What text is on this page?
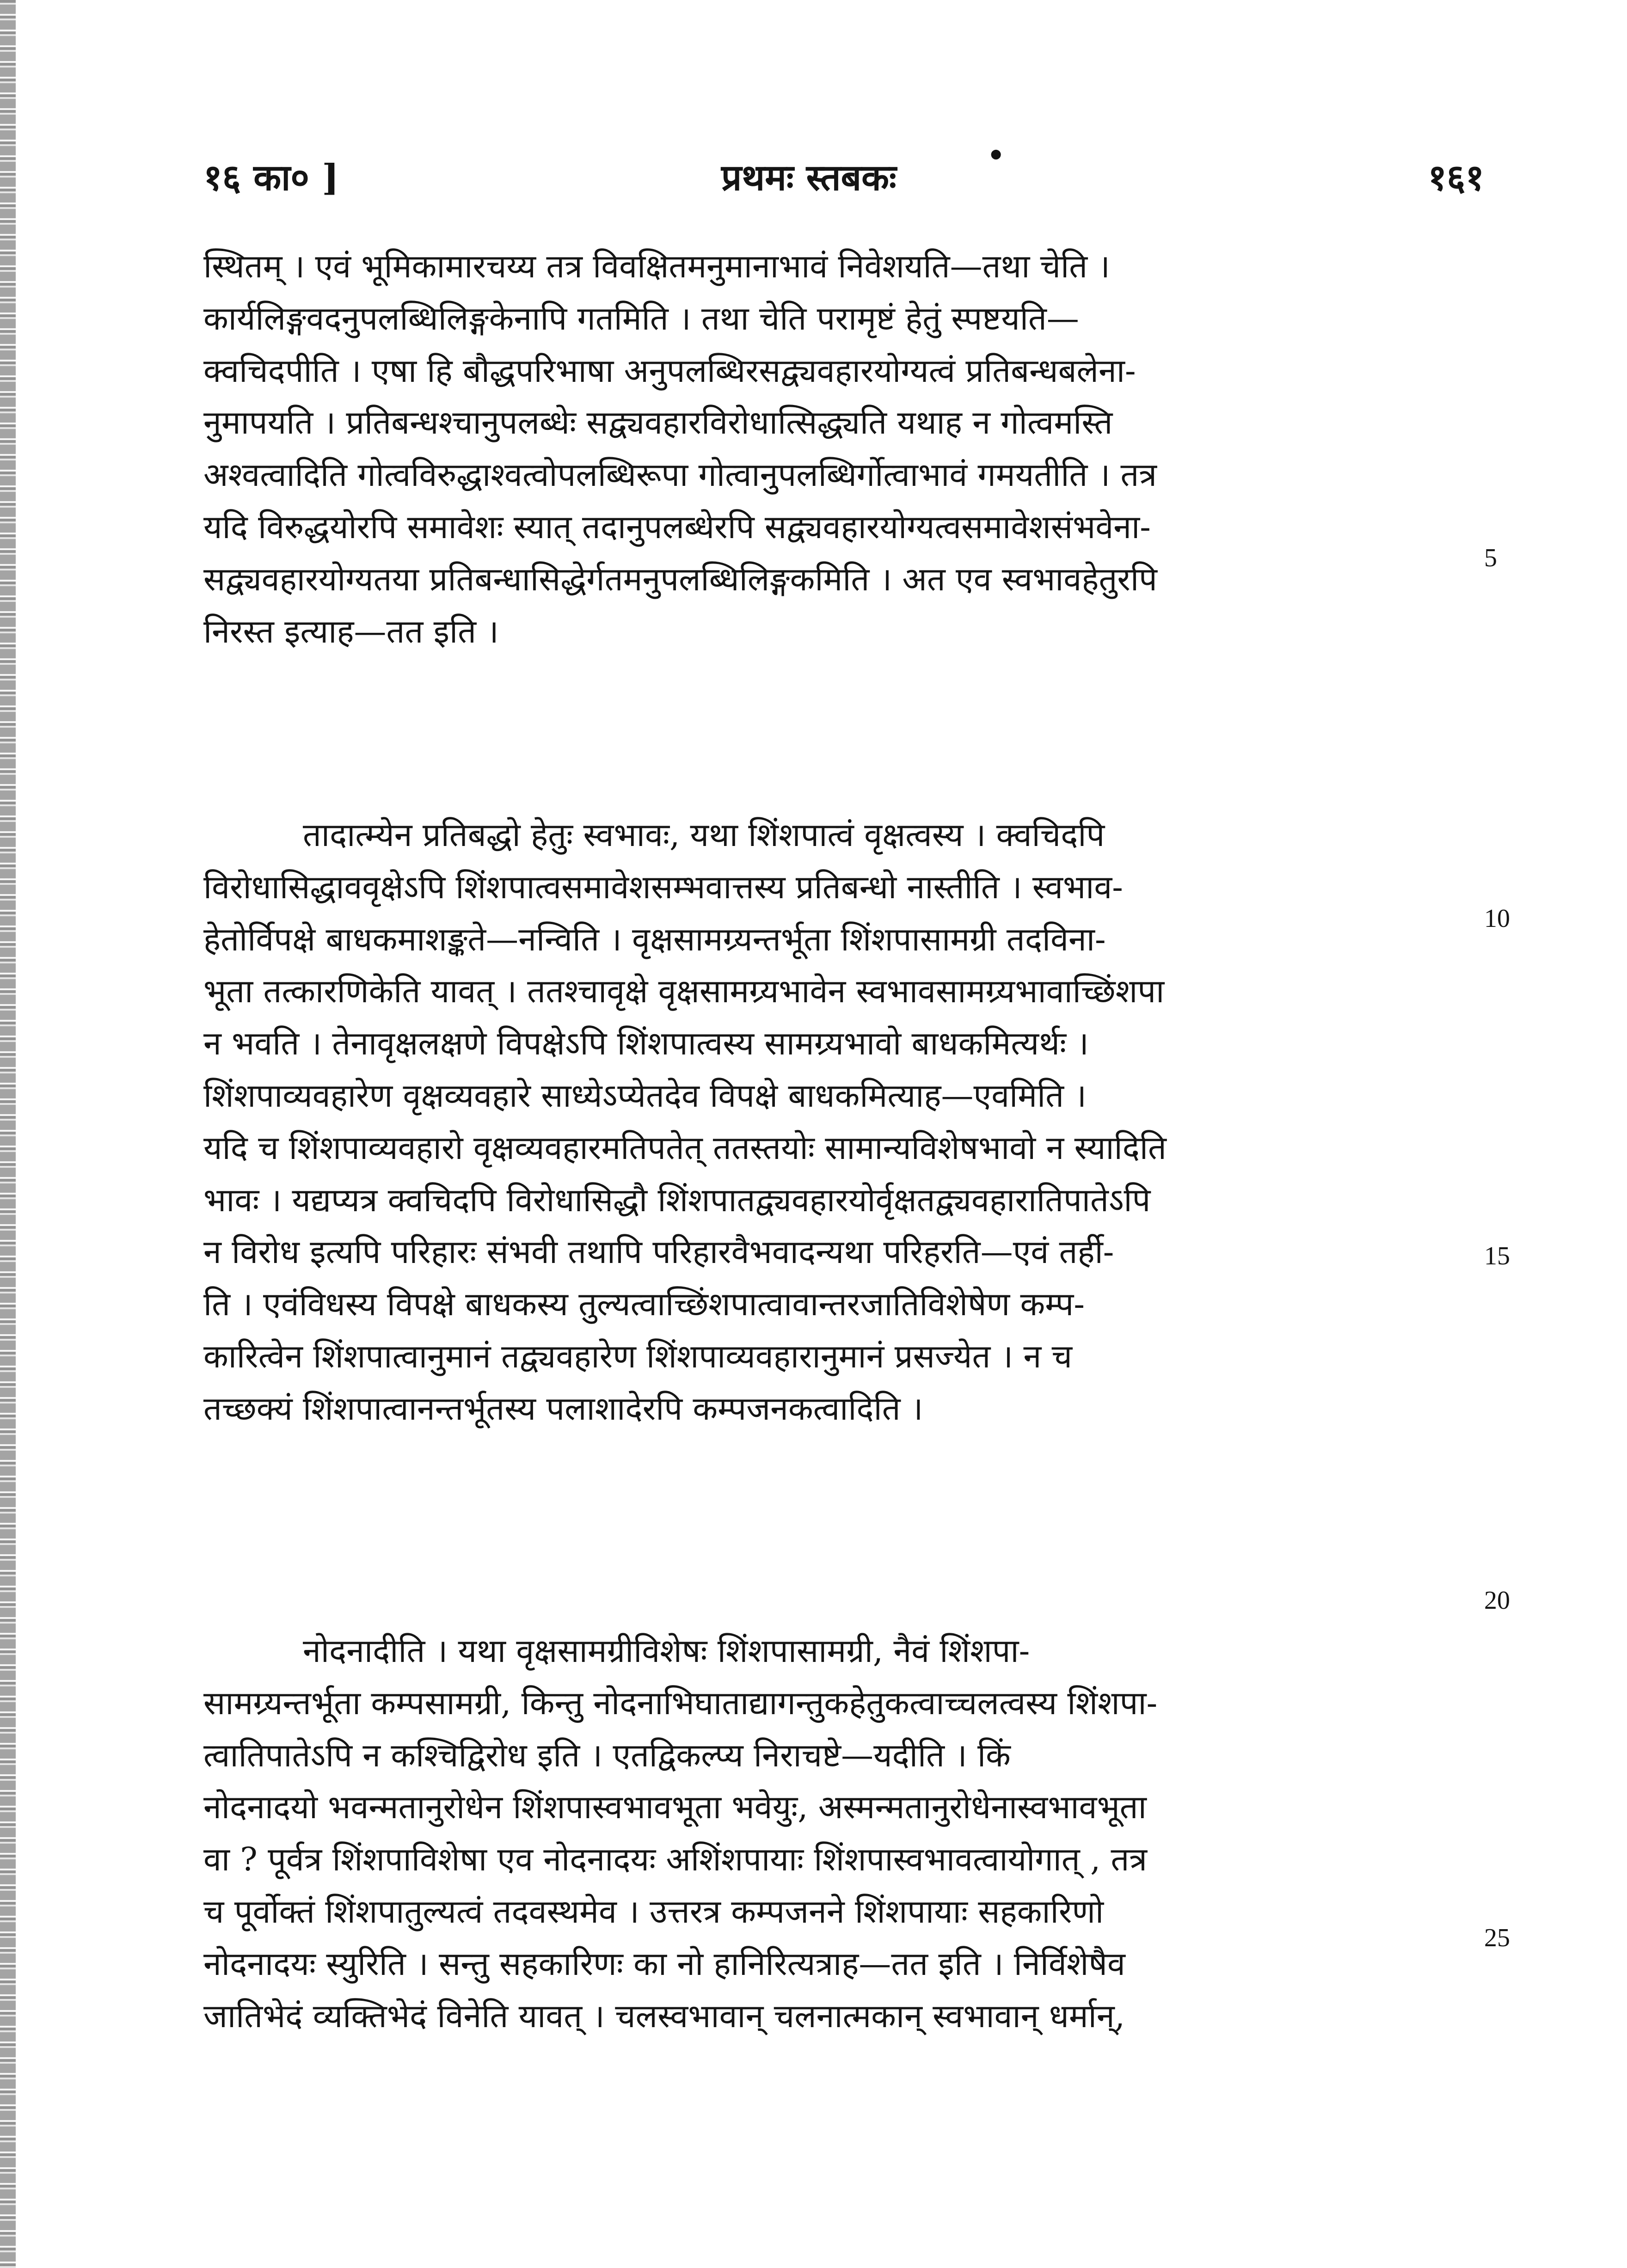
१६ का० ]	प्रथमः स्तबकः
•
१६१
स्थितम् । एवं भूमिकामारचय्य तत्र विवक्षितमनुमानाभावं निवेशयति—तथा चेति ।
कार्यलिङ्गवदनुपलब्धिलिङ्गकेनापि गतमिति । तथा चेति परामृष्टं हेतुं स्पष्टयति—
क्वचिदपीति । एषा हि बौद्धपरिभाषा अनुपलब्धिरसद्व्यवहारयोग्यत्वं प्रतिबन्धबलेना-
नुमापयति । प्रतिबन्धश्चानुपलब्धेः सद्व्यवहारविरोधात्सिद्ध्यति यथाह न गोत्वमस्ति
अश्वत्वादिति गोत्वविरुद्धाश्वत्वोपलब्धिरूपा गोत्वानुपलब्धिर्गोत्वाभावं गमयतीति । तत्र
यदि विरुद्धयोरपि समावेशः स्यात् तदानुपलब्धेरपि सद्व्यवहारयोग्यत्वसमावेशसंभवेना-
सद्व्यवहारयोग्यतया प्रतिबन्धासिद्धेर्गतमनुपलब्धिलिङ्गकमिति । अत एव स्वभावहेतुरपि
निरस्त इत्याह—तत इति ।
तादात्म्येन प्रतिबद्धो हेतुः स्वभावः, यथा शिंशपात्वं वृक्षत्वस्य । क्वचिदपि
विरोधासिद्धाववृक्षेऽपि शिंशपात्वसमावेशसम्भवात्तस्य प्रतिबन्धो नास्तीति । स्वभाव-
हेतोर्विपक्षे बाधकमाशङ्कते—नन्विति । वृक्षसामग्र्यन्तर्भूता शिंशपासामग्री तदविना-
भूता तत्कारणिकेति यावत् । ततश्चावृक्षे वृक्षसामग्र्यभावेन स्वभावसामग्र्यभावाच्छिंशपा
न भवति । तेनावृक्षलक्षणे विपक्षेऽपि शिंशपात्वस्य सामग्र्यभावो बाधकमित्यर्थः ।
शिंशपाव्यवहारेण वृक्षव्यवहारे साध्येऽप्येतदेव विपक्षे बाधकमित्याह—एवमिति ।
यदि च शिंशपाव्यवहारो वृक्षव्यवहारमतिपतेत् ततस्तयोः सामान्यविशेषभावो न स्यादिति
भावः । यद्यप्यत्र क्वचिदपि विरोधासिद्धौ शिंशपातद्व्यवहारयोर्वृक्षतद्व्यवहारातिपातेऽपि
न विरोध इत्यपि परिहारः संभवी तथापि परिहारवैभवादन्यथा परिहरति—एवं तर्ही-
ति । एवंविधस्य विपक्षे बाधकस्य तुल्यत्वाच्छिंशपात्वावान्तरजातिविशेषेण कम्प-
कारित्वेन शिंशपात्वानुमानं तद्व्यवहारेण शिंशपाव्यवहारानुमानं प्रसज्येत । न च
तच्छक्यं शिंशपात्वानन्तर्भूतस्य पलाशादेरपि कम्पजनकत्वादिति ।
नोदनादीति । यथा वृक्षसामग्रीविशेषः शिंशपासामग्री, नैवं शिंशपा-
सामग्र्यन्तर्भूता कम्पसामग्री, किन्तु नोदनाभिघाताद्यागन्तुकहेतुकत्वाच्चलत्वस्य शिंशपा-
त्वातिपातेऽपि न कश्चिद्विरोध इति । एतद्विकल्प्य निराचष्टे—यदीति । किं
नोदनादयो भवन्मतानुरोधेन शिंशपास्वभावभूता भवेयुः, अस्मन्मतानुरोधेनास्वभावभूता
वा ? पूर्वत्र शिंशपाविशेषा एव नोदनादयः अशिंशपायाः शिंशपास्वभावत्वायोगात् , तत्र
च पूर्वोक्तं शिंशपातुल्यत्वं तदवस्थमेव । उत्तरत्र कम्पजनने शिंशपायाः सहकारिणो
नोदनादयः स्युरिति । सन्तु सहकारिणः का नो हानिरित्यत्राह—तत इति । निर्विशेषैव
जातिभेदं व्यक्तिभेदं विनेति यावत् । चलस्वभावान् चलनात्मकान् स्वभावान् धर्मान्,
5
10
15
20
25
